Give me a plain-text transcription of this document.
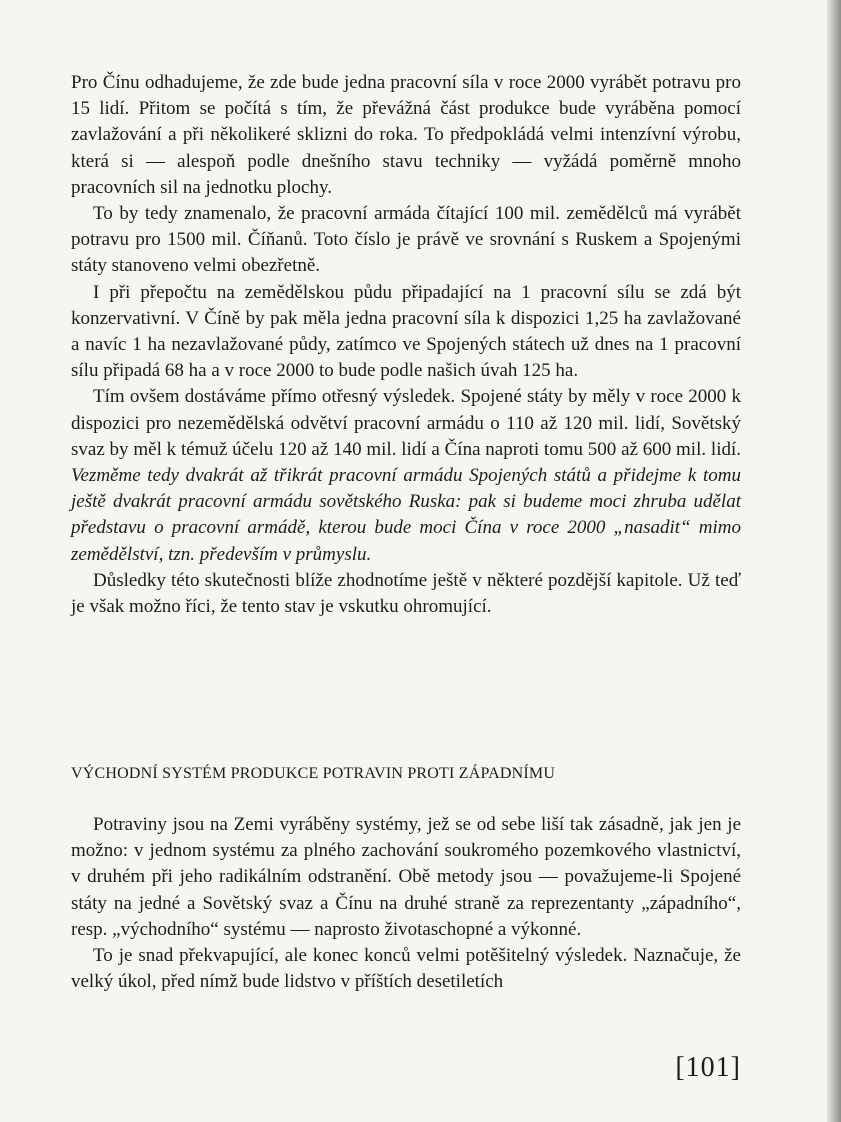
Pro Čínu odhadujeme, že zde bude jedna pracovní síla v roce 2000 vyrábět potravu pro 15 lidí. Přitom se počítá s tím, že převážná část produkce bude vyráběna pomocí zavlažování a při několikeré sklizni do roka. To předpokládá velmi intenzívní výrobu, která si — alespoň podle dnešního stavu techniky — vyžádá poměrně mnoho pracovních sil na jednotku plochy.

To by tedy znamenalo, že pracovní armáda čítající 100 mil. zemědělců má vyrábět potravu pro 1500 mil. Číňanů. Toto číslo je právě ve srovnání s Ruskem a Spojenými státy stanoveno velmi obezřetně.

I při přepočtu na zemědělskou půdu připadající na 1 pracovní sílu se zdá být konzervativní. V Číně by pak měla jedna pracovní síla k dispozici 1,25 ha zavlažované a navíc 1 ha nezavlažované půdy, zatímco ve Spojených státech už dnes na 1 pracovní sílu připadá 68 ha a v roce 2000 to bude podle našich úvah 125 ha.

Tím ovšem dostáváme přímo otřesný výsledek. Spojené státy by měly v roce 2000 k dispozici pro nezemědělská odvětví pracovní armádu o 110 až 120 mil. lidí, Sovětský svaz by měl k témuž účelu 120 až 140 mil. lidí a Čína naproti tomu 500 až 600 mil. lidí. Vezměme tedy dvakrát až třikrát pracovní armádu Spojených států a přidejme k tomu ještě dvakrát pracovní armádu sovětského Ruska: pak si budeme moci zhruba udělat představu o pracovní armádě, kterou bude moci Čína v roce 2000 „nasadit“ mimo zemědělství, tzn. především v průmyslu.

Důsledky této skutečnosti blíže zhodnotíme ještě v některé pozdější kapitole. Už teď je však možno říci, že tento stav je vskutku ohromující.

VÝCHODNÍ SYSTÉM PRODUKCE POTRAVIN PROTI ZÁPADNÍMU

Potraviny jsou na Zemi vyráběny systémy, jež se od sebe liší tak zásadně, jak jen je možno: v jednom systému za plného zachování soukromého pozemkového vlastnictví, v druhém při jeho radikálním odstranění. Obě metody jsou — považujeme-li Spojené státy na jedné a Sovětský svaz a Čínu na druhé straně za reprezentanty „západního“, resp. „východního“ systému — naprosto životaschopné a výkonné.

To je snad překvapující, ale konec konců velmi potěšitelný výsledek. Naznačuje, že velký úkol, před nímž bude lidstvo v příštích desetiletích

[101]
